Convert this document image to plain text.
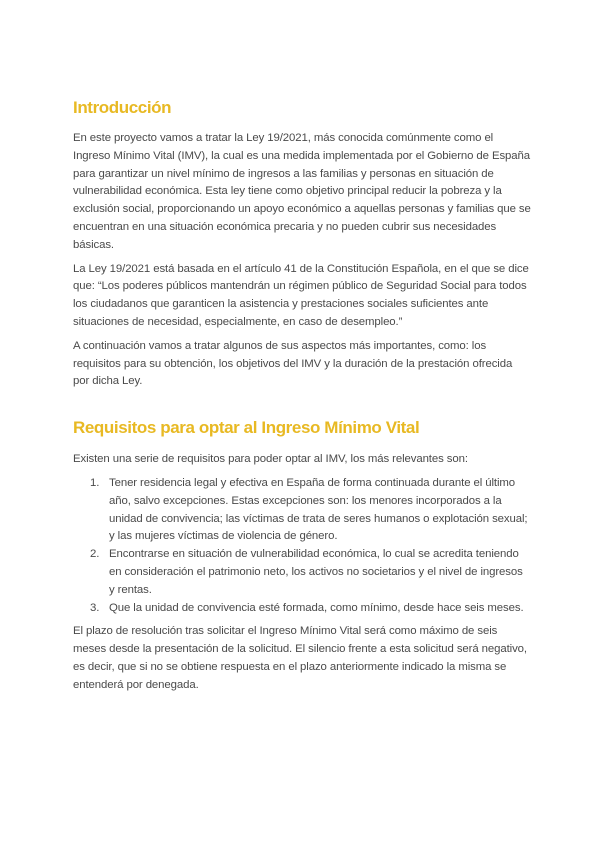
Introducción

En este proyecto vamos a tratar la Ley 19/2021, más conocida comúnmente como el Ingreso Mínimo Vital (IMV), la cual es una medida implementada por el Gobierno de España para garantizar un nivel mínimo de ingresos a las familias y personas en situación de vulnerabilidad económica. Esta ley tiene como objetivo principal reducir la pobreza y la exclusión social, proporcionando un apoyo económico a aquellas personas y familias que se encuentran en una situación económica precaria y no pueden cubrir sus necesidades básicas.

La Ley 19/2021 está basada en el artículo 41 de la Constitución Española, en el que se dice que: “Los poderes públicos mantendrán un régimen público de Seguridad Social para todos los ciudadanos que garanticen la asistencia y prestaciones sociales suficientes ante situaciones de necesidad, especialmente, en caso de desempleo.”

A continuación vamos a tratar algunos de sus aspectos más importantes, como: los requisitos para su obtención, los objetivos del IMV y la duración de la prestación ofrecida por dicha Ley.

Requisitos para optar al Ingreso Mínimo Vital

Existen una serie de requisitos para poder optar al IMV, los más relevantes son:

1. Tener residencia legal y efectiva en España de forma continuada durante el último año, salvo excepciones. Estas excepciones son: los menores incorporados a la unidad de convivencia; las víctimas de trata de seres humanos o explotación sexual; y las mujeres víctimas de violencia de género.
2. Encontrarse en situación de vulnerabilidad económica, lo cual se acredita teniendo en consideración el patrimonio neto, los activos no societarios y el nivel de ingresos y rentas.
3. Que la unidad de convivencia esté formada, como mínimo, desde hace seis meses.

El plazo de resolución tras solicitar el Ingreso Mínimo Vital será como máximo de seis meses desde la presentación de la solicitud. El silencio frente a esta solicitud será negativo, es decir, que si no se obtiene respuesta en el plazo anteriormente indicado la misma se entenderá por denegada.
